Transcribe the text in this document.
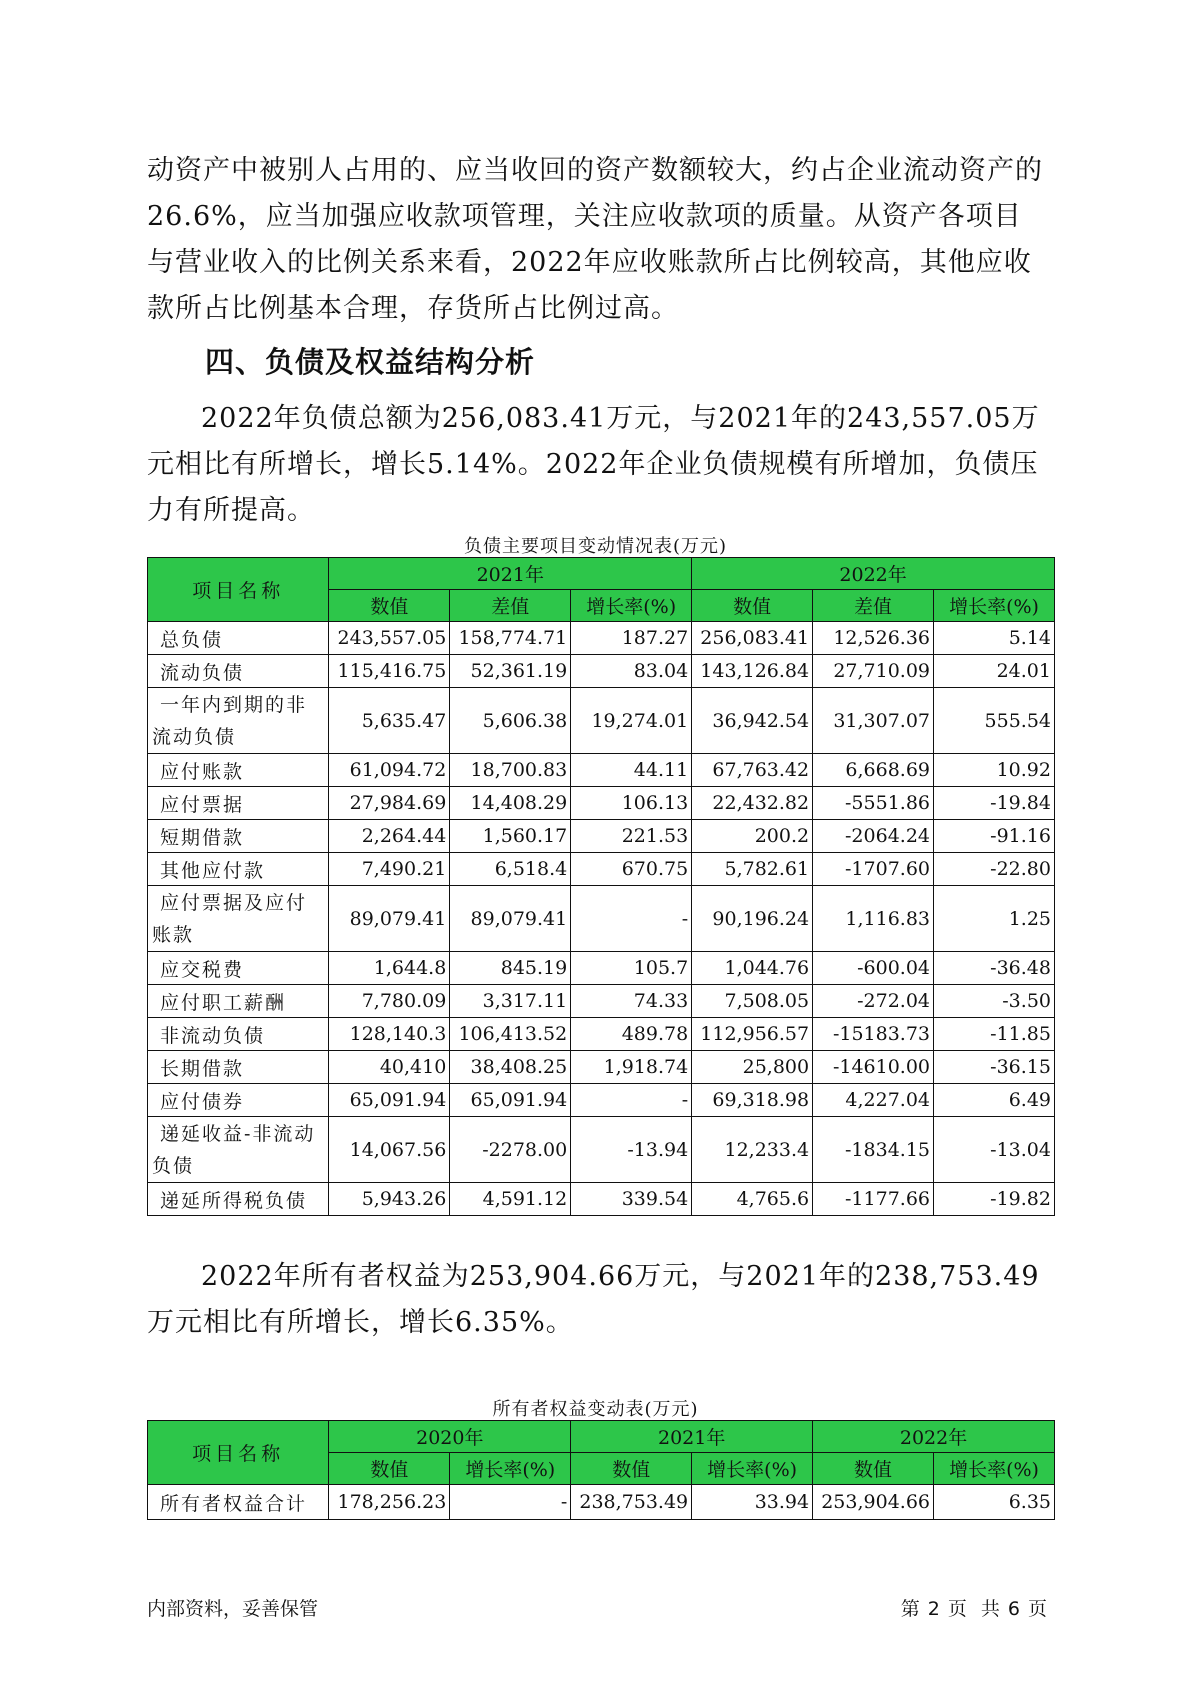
动资产中被别人占用的、应当收回的资产数额较大，约占企业流动资产的26.6%，应当加强应收款项管理，关注应收款项的质量。从资产各项目与营业收入的比例关系来看，2022年应收账款所占比例较高，其他应收款所占比例基本合理，存货所占比例过高。

四、负债及权益结构分析

2022年负债总额为256,083.41万元，与2021年的243,557.05万元相比有所增长，增长5.14%。2022年企业负债规模有所增加，负债压力有所提高。

负债主要项目变动情况表(万元)

项目名称	2021年			2022年		
	数值	差值	增长率(%)	数值	差值	增长率(%)
总负债	243,557.05	158,774.71	187.27	256,083.41	12,526.36	5.14
流动负债	115,416.75	52,361.19	83.04	143,126.84	27,710.09	24.01
一年内到期的非流动负债	5,635.47	5,606.38	19,274.01	36,942.54	31,307.07	555.54
应付账款	61,094.72	18,700.83	44.11	67,763.42	6,668.69	10.92
应付票据	27,984.69	14,408.29	106.13	22,432.82	-5551.86	-19.84
短期借款	2,264.44	1,560.17	221.53	200.2	-2064.24	-91.16
其他应付款	7,490.21	6,518.4	670.75	5,782.61	-1707.60	-22.80
应付票据及应付账款	89,079.41	89,079.41	-	90,196.24	1,116.83	1.25
应交税费	1,644.8	845.19	105.7	1,044.76	-600.04	-36.48
应付职工薪酬	7,780.09	3,317.11	74.33	7,508.05	-272.04	-3.50
非流动负债	128,140.3	106,413.52	489.78	112,956.57	-15183.73	-11.85
长期借款	40,410	38,408.25	1,918.74	25,800	-14610.00	-36.15
应付债券	65,091.94	65,091.94	-	69,318.98	4,227.04	6.49
递延收益-非流动负债	14,067.56	-2278.00	-13.94	12,233.4	-1834.15	-13.04
递延所得税负债	5,943.26	4,591.12	339.54	4,765.6	-1177.66	-19.82

2022年所有者权益为253,904.66万元，与2021年的238,753.49万元相比有所增长，增长6.35%。

所有者权益变动表(万元)

项目名称	2020年		2021年		2022年	
	数值	增长率(%)	数值	增长率(%)	数值	增长率(%)
所有者权益合计	178,256.23	-	238,753.49	33.94	253,904.66	6.35

内部资料，妥善保管	第 2 页 共 6 页
